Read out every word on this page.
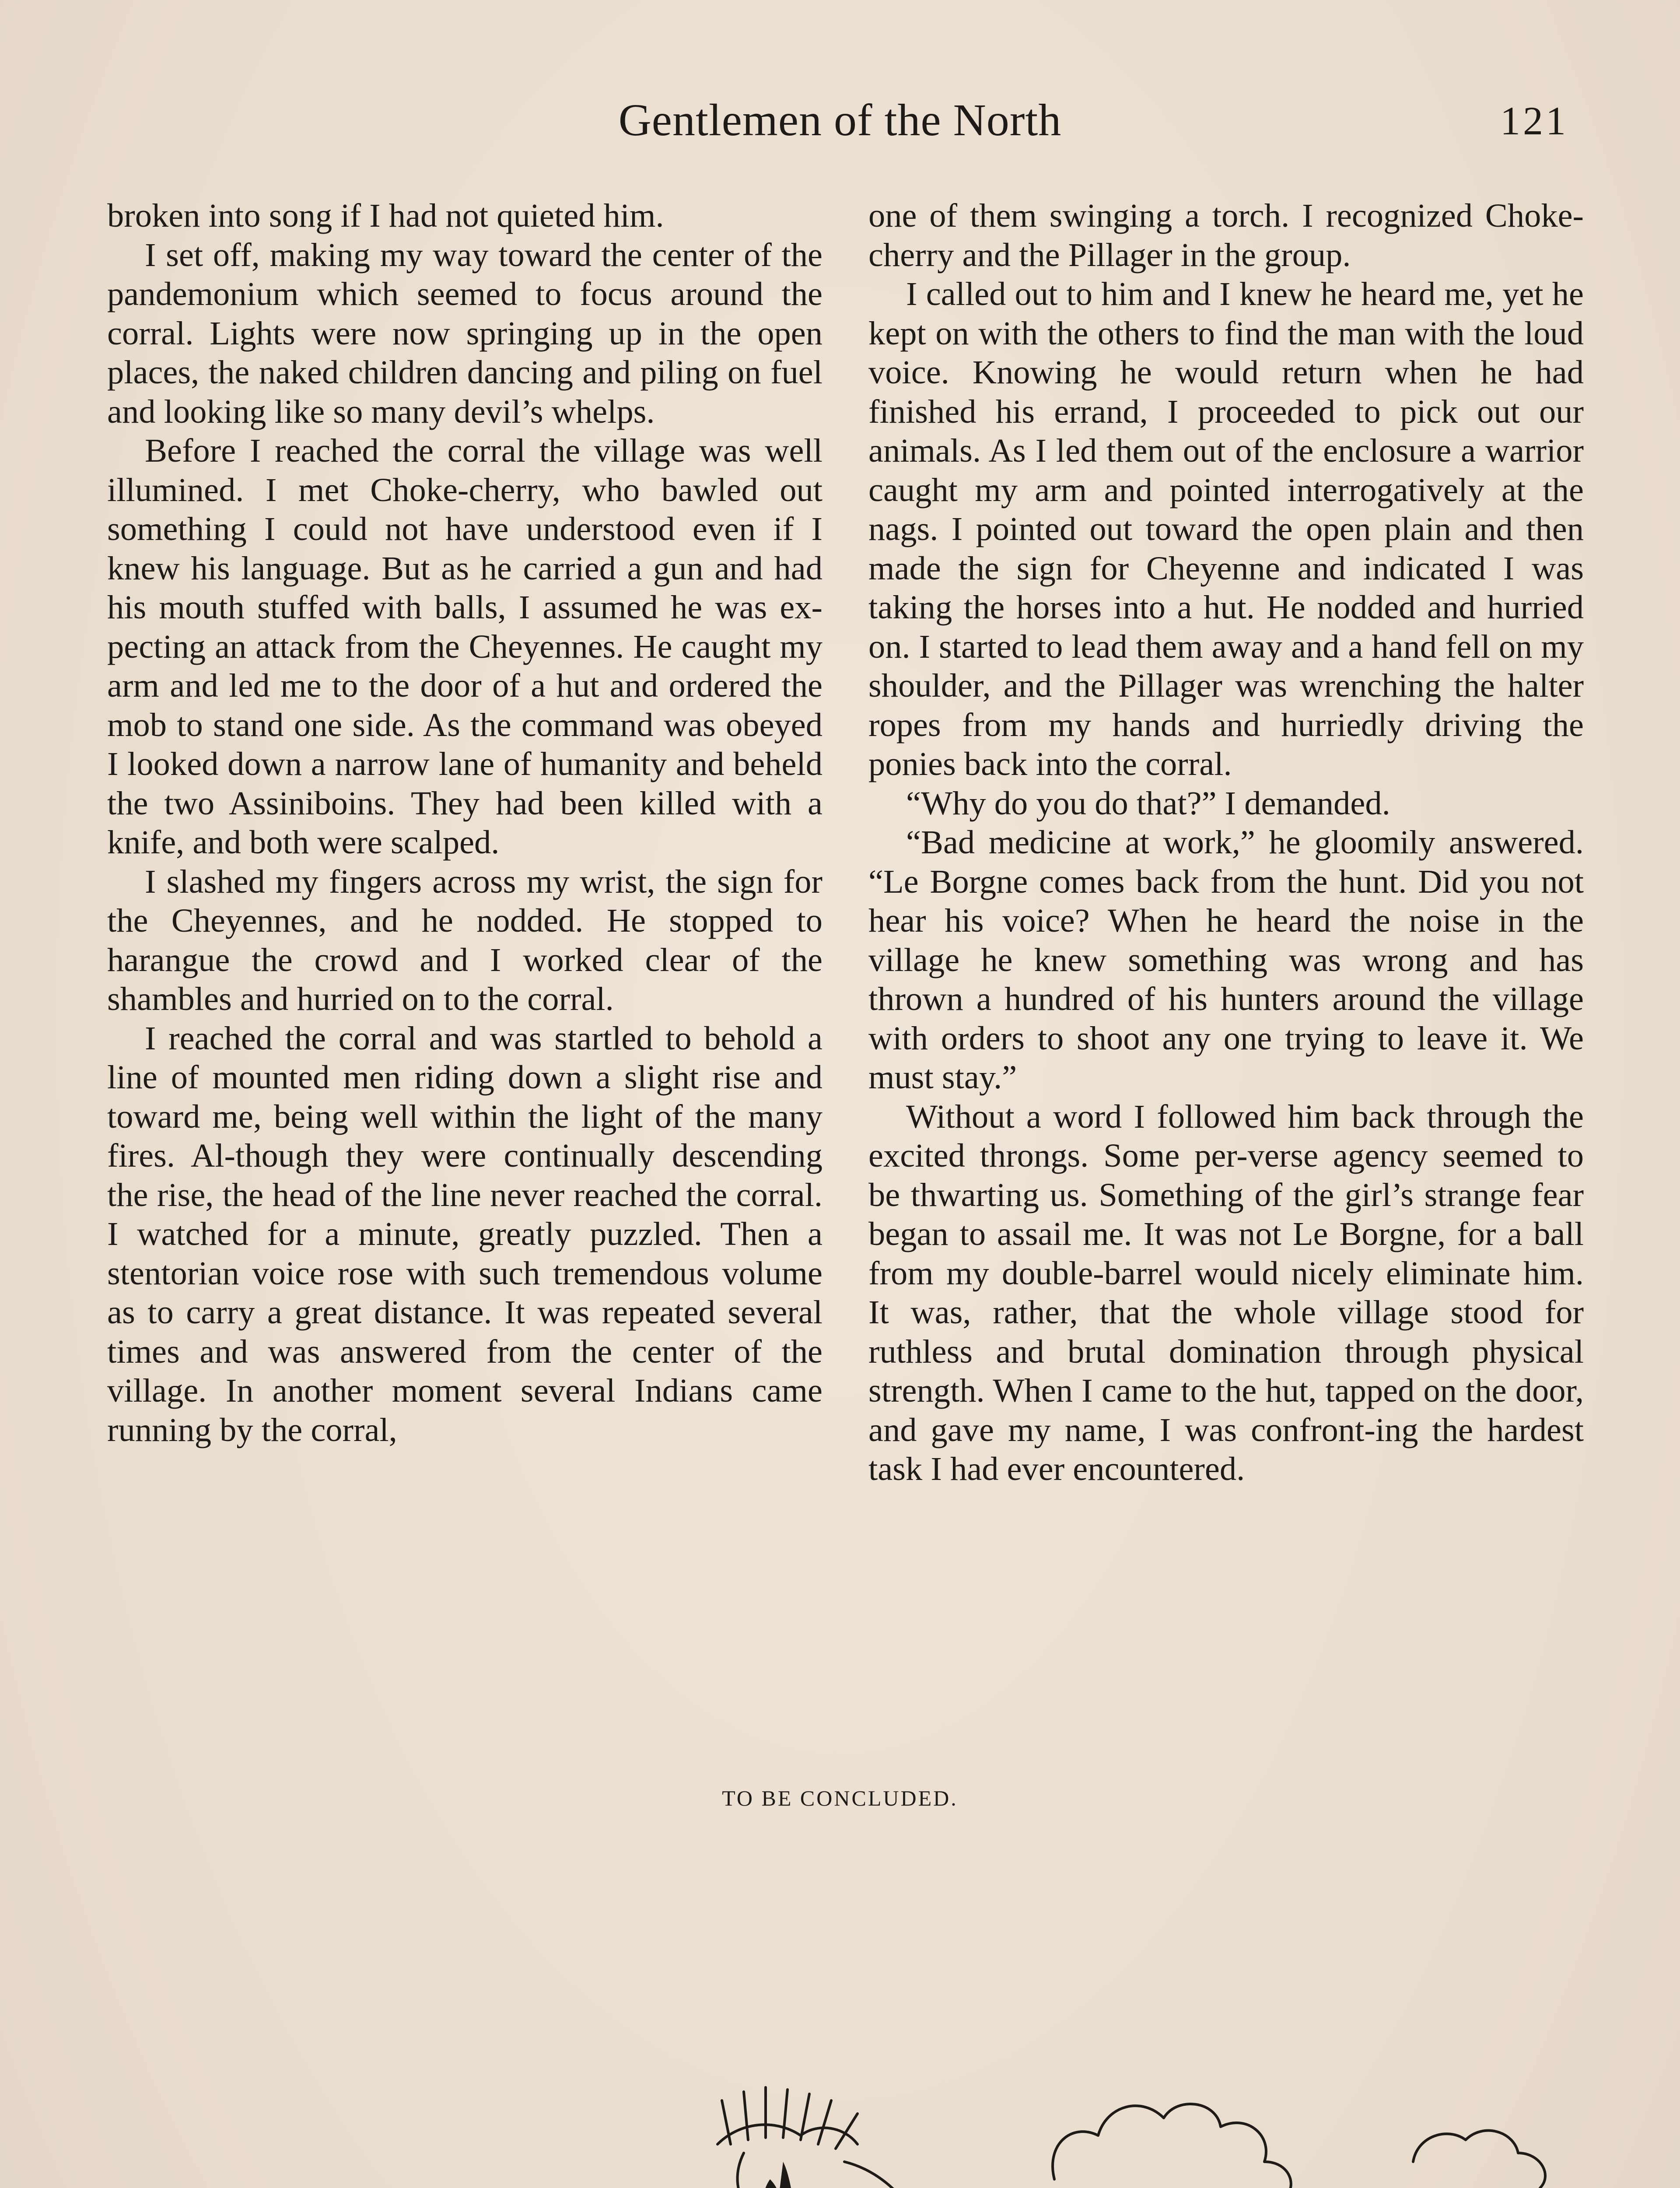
Gentlemen of the North	121

broken into song if I had not quieted him.

I set off, making my way toward the center of the pandemonium which seemed to focus around the corral. Lights were now springing up in the open places, the naked children dancing and piling on fuel and looking like so many devil’s whelps.

Before I reached the corral the village was well illumined. I met Choke-cherry, who bawled out something I could not have understood even if I knew his language. But as he carried a gun and had his mouth stuffed with balls, I assumed he was ex-pecting an attack from the Cheyennes. He caught my arm and led me to the door of a hut and ordered the mob to stand one side. As the command was obeyed I looked down a narrow lane of humanity and beheld the two Assiniboins. They had been killed with a knife, and both were scalped.

I slashed my fingers across my wrist, the sign for the Cheyennes, and he nodded. He stopped to harangue the crowd and I worked clear of the shambles and hurried on to the corral.

I reached the corral and was startled to behold a line of mounted men riding down a slight rise and toward me, being well within the light of the many fires. Al-though they were continually descending the rise, the head of the line never reached the corral. I watched for a minute, greatly puzzled. Then a stentorian voice rose with such tremendous volume as to carry a great distance. It was repeated several times and was answered from the center of the village. In another moment several Indians came running by the corral,

one of them swinging a torch. I recognized Choke-cherry and the Pillager in the group.

I called out to him and I knew he heard me, yet he kept on with the others to find the man with the loud voice. Knowing he would return when he had finished his errand, I proceeded to pick out our animals. As I led them out of the enclosure a warrior caught my arm and pointed interrogatively at the nags. I pointed out toward the open plain and then made the sign for Cheyenne and indicated I was taking the horses into a hut. He nodded and hurried on. I started to lead them away and a hand fell on my shoulder, and the Pillager was wrenching the halter ropes from my hands and hurriedly driving the ponies back into the corral.

“Why do you do that?” I demanded.

“Bad medicine at work,” he gloomily answered. “Le Borgne comes back from the hunt. Did you not hear his voice? When he heard the noise in the village he knew something was wrong and has thrown a hundred of his hunters around the village with orders to shoot any one trying to leave it. We must stay.”

Without a word I followed him back through the excited throngs. Some per-verse agency seemed to be thwarting us. Something of the girl’s strange fear began to assail me. It was not Le Borgne, for a ball from my double-barrel would nicely eliminate him. It was, rather, that the whole village stood for ruthless and brutal domination through physical strength. When I came to the hut, tapped on the door, and gave my name, I was confront-ing the hardest task I had ever encountered.

TO BE CONCLUDED.
